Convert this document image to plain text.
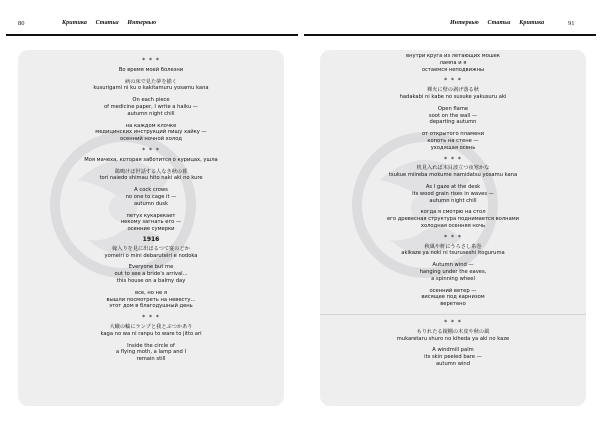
80	Критика Статьи Интервью	Интервью Статьи Критика	91
* * *
Во время моей болезни
病の床で見た夢を描く
kusurigami ni ku o kakitamuru yosamu kana
On each piece
of medicine paper, I write a haiku —
autumn night chill
на каждом клочке
медицинских инструкций пишу хайку —
осенний ночной холод
* * *
Моя мачеха, которая заботится о курицах, ушла
鶏鳴けば世話する人なき秋の暮
tori naiedo shimau hito naki aki no kure
A cock crows
no one to cage it —
autumn dusk
петух кукарекает
некому загнать его —
осенние сумерки
1916
嫁入りを見に出ばるつて宴のどか
yomeiri o mini debaruteiri e nodoka
Everyone but me
out to see a bride's arrival...
this house on a balmy day
все, но не я
вышли посмотреть на невесту...
этот дом в благодушный день
* * *
大蛾の輪にランプと我とぶつかあり
kaga no wa ni ranpu to ware to jitto ari
Inside the circle of
a flying moth, a lamp and I
remain still
внутри круга из летающих мошек
лампа и я
остаемся неподвижны
* * *
裸火に壁の剥げ落る秋
hadakabi ni kabe no susuke yakusuru aki
Open flame
soot on the wall —
departing autumn
от открытого пламени
копоть на стене —
уходящая осень
* * *
机見入れば木目波立つ夜寒かな
tsukue miireba mokume namidatsu yosamu kana
As I gaze at the desk
its wood grain rises in waves —
autumn night chill
когда я смотрю на стол
его древесная структура поднимается волнами
холодная осенняя ночь
* * *
秋風や軒にうろさし糸巻
akikaze ya noki ni tsuruseshi itoguruma
Autumn wind —
hanging under the eaves,
a spinning wheel
осенний ветер —
висящее под карнизом
веретено
* * *
もりれたる鏡棚の木皮や秋の風
mukaretaru shuro no kiheda ya aki no kaze
A windmill palm
its skin peeled bare —
autumn wind
